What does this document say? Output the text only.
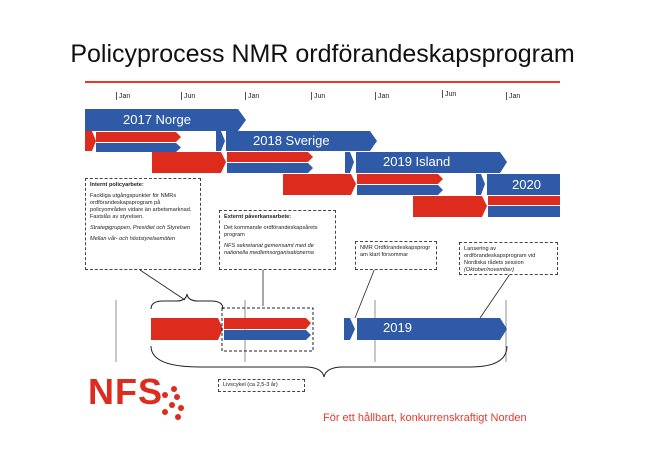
Policyprocess NMR ordförandeskapsprogram
Jan	Jun	Jan	Jun	Jan	Jun	Jan
2017 Norge
2018 Sverige
2019 Island
2020
2019

Internt policyarbete:

Fackliga utgångspunkter för NMRs ordförandeskapsprogram på policyområden vidare än arbetsmarknad. Fastslås av styrelsen.

Strategigruppen, Presidiet och Styrelsen

Mellan vår- och höststyrelsemöten

Externt påverkansarbete:

Det kommande ordförandeskapsårets program

NFS sekretariat gemensamt med de nationella medlemsorganisationerna

NMR Ordförandeskapsprogr am klart försommar
Lansering av ordförandeskapsprogram vid Nordiska rådets session (Oktober/november)
Livscykel (ca 2,5-3 år)
NFS
För ett hållbart, konkurrenskraftigt Norden
